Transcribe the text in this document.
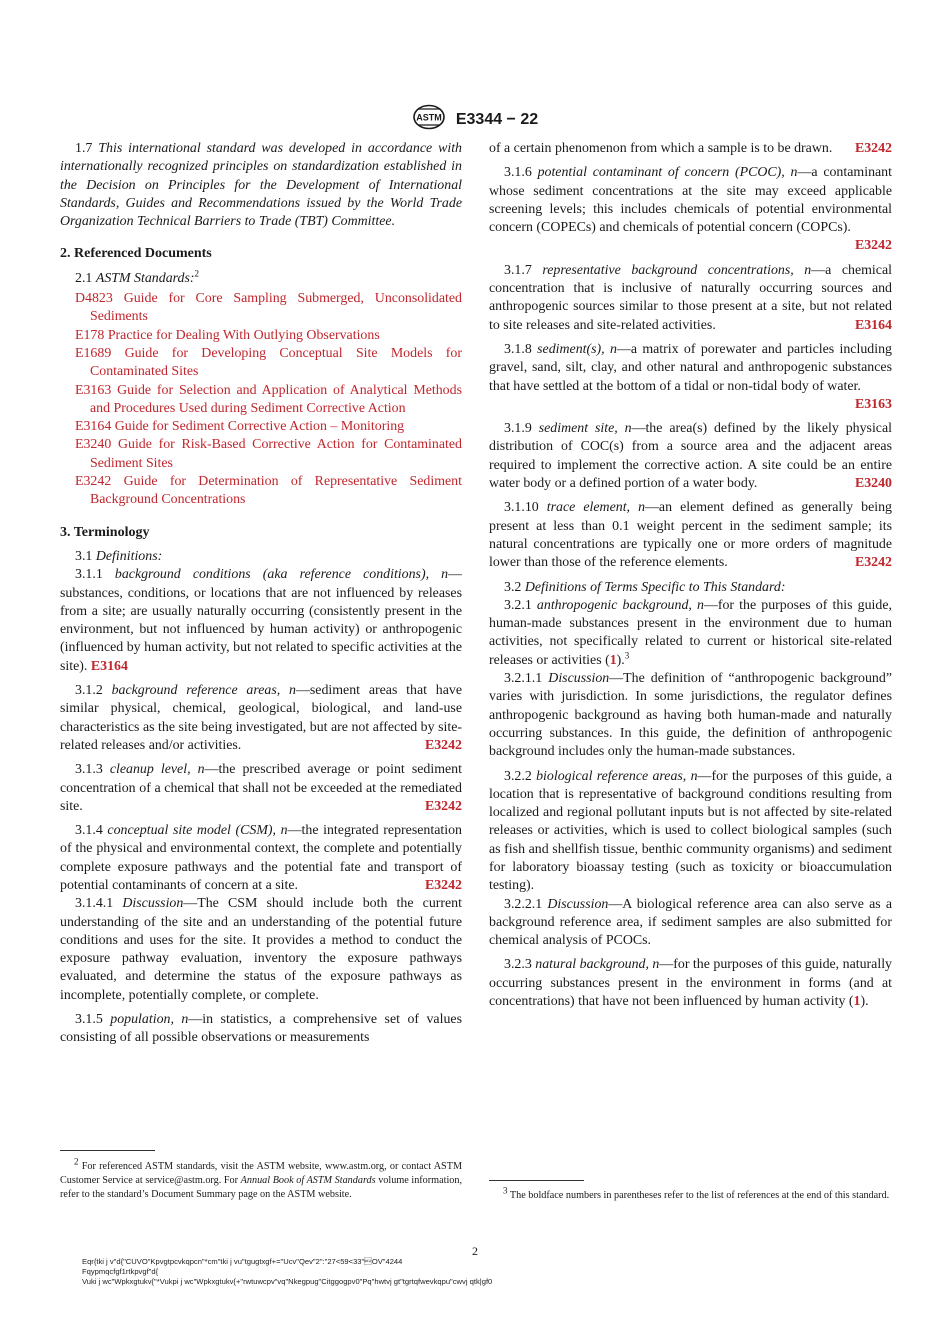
ASTM E3344 − 22

1.7 This international standard was developed in accordance with internationally recognized principles on standardization established in the Decision on Principles for the Development of International Standards, Guides and Recommendations issued by the World Trade Organization Technical Barriers to Trade (TBT) Committee.

2. Referenced Documents

2.1 ASTM Standards:$^2$

D4823 Guide for Core Sampling Submerged, Unconsolidated Sediments

E178 Practice for Dealing With Outlying Observations

E1689 Guide for Developing Conceptual Site Models for Contaminated Sites

E3163 Guide for Selection and Application of Analytical Methods and Procedures Used during Sediment Corrective Action

E3164 Guide for Sediment Corrective Action – Monitoring

E3240 Guide for Risk-Based Corrective Action for Contaminated Sediment Sites

E3242 Guide for Determination of Representative Sediment Background Concentrations

3. Terminology

3.1 Definitions:

3.1.1 background conditions (aka reference conditions), n—substances, conditions, or locations that are not influenced by releases from a site; are usually naturally occurring (consistently present in the environment, but not influenced by human activity) or anthropogenic (influenced by human activity, but not related to specific activities at the site). E3164

3.1.2 background reference areas, n—sediment areas that have similar physical, chemical, geological, biological, and land-use characteristics as the site being investigated, but are not affected by site-related releases and/or activities.	E3242

3.1.3 cleanup level, n—the prescribed average or point sediment concentration of a chemical that shall not be exceeded at the remediated site.	E3242

3.1.4 conceptual site model (CSM), n—the integrated representation of the physical and environmental context, the complete and potentially complete exposure pathways and the potential fate and transport of potential contaminants of concern at a site.	E3242

3.1.4.1 Discussion—The CSM should include both the current understanding of the site and an understanding of the potential future conditions and uses for the site. It provides a method to conduct the exposure pathway evaluation, inventory the exposure pathways evaluated, and determine the status of the exposure pathways as incomplete, potentially complete, or complete.

3.1.5 population, n—in statistics, a comprehensive set of values consisting of all possible observations or measurements

$^2$ For referenced ASTM standards, visit the ASTM website, www.astm.org, or contact ASTM Customer Service at service@astm.org. For Annual Book of ASTM Standards volume information, refer to the standard’s Document Summary page on the ASTM website.

of a certain phenomenon from which a sample is to be drawn. E3242

3.1.6 potential contaminant of concern (PCOC), n—a contaminant whose sediment concentrations at the site may exceed applicable screening levels; this includes chemicals of potential environmental concern (COPECs) and chemicals of potential concern (COPCs).
E3242

3.1.7 representative background concentrations, n—a chemical concentration that is inclusive of naturally occurring sources and anthropogenic sources similar to those present at a site, but not related to site releases and site-related activities.	E3164

3.1.8 sediment(s), n—a matrix of porewater and particles including gravel, sand, silt, clay, and other natural and anthropogenic substances that have settled at the bottom of a tidal or non-tidal body of water.
E3163

3.1.9 sediment site, n—the area(s) defined by the likely physical distribution of COC(s) from a source area and the adjacent areas required to implement the corrective action. A site could be an entire water body or a defined portion of a water body.	E3240

3.1.10 trace element, n—an element defined as generally being present at less than 0.1 weight percent in the sediment sample; its natural concentrations are typically one or more orders of magnitude lower than those of the reference elements.	E3242

3.2 Definitions of Terms Specific to This Standard:

3.2.1 anthropogenic background, n—for the purposes of this guide, human-made substances present in the environment due to human activities, not specifically related to current or historical site-related releases or activities (1).$^3$

3.2.1.1 Discussion—The definition of “anthropogenic background” varies with jurisdiction. In some jurisdictions, the regulator defines anthropogenic background as having both human-made and naturally occurring substances. In this guide, the definition of anthropogenic background includes only the human-made substances.

3.2.2 biological reference areas, n—for the purposes of this guide, a location that is representative of background conditions resulting from localized and regional pollutant inputs but is not affected by site-related releases or activities, which is used to collect biological samples (such as fish and shellfish tissue, benthic community organisms) and sediment for laboratory bioassay testing (such as toxicity or bioaccumulation testing).

3.2.2.1 Discussion—A biological reference area can also serve as a background reference area, if sediment samples are also submitted for chemical analysis of PCOCs.

3.2.3 natural background, n—for the purposes of this guide, naturally occurring substances present in the environment in forms (and at concentrations) that have not been influenced by human activity (1).

$^3$ The boldface numbers in parentheses refer to the list of references at the end of this standard.
2
Eqr{tki j v"d{"CUVO"Kpvgtpcvkqpcn"*cm"tki j vu"tgugtxgf+="Ucv"Qev"2":"27<59<33"OV"4244
Fqypmqcfgf1rtkpvgf"d{
Vuki j wc"Wpkxgtukv{"*Vukpi j wc"Wpkxgtukv{+"rwtuwcpv"vq"Nkegpug"Citggogpv0"Pq"hwtvj gt"tgrtqfwevkqpu"cwvj qtk|gf0
